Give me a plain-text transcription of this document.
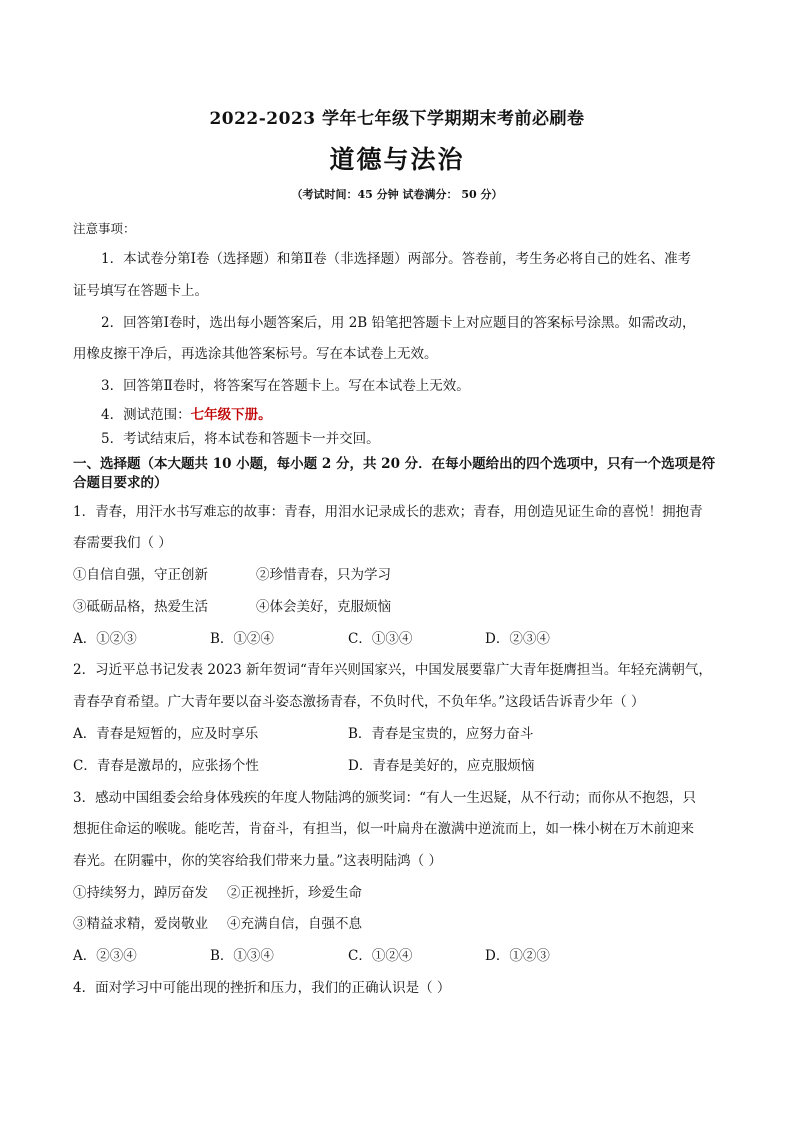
2022-2023 学年七年级下学期期末考前必刷卷
道德与法治
（考试时间：45 分钟 试卷满分： 50 分）
注意事项：
1．本试卷分第Ⅰ卷（选择题）和第Ⅱ卷（非选择题）两部分。答卷前，考生务必将自己的姓名、准考
证号填写在答题卡上。
2．回答第Ⅰ卷时，选出每小题答案后，用 2B 铅笔把答题卡上对应题目的答案标号涂黑。如需改动，
用橡皮擦干净后，再选涂其他答案标号。写在本试卷上无效。
3．回答第Ⅱ卷时，将答案写在答题卡上。写在本试卷上无效。
4．测试范围：七年级下册。
5．考试结束后，将本试卷和答题卡一并交回。
一、选择题（本大题共 10 小题，每小题 2 分，共 20 分．在每小题给出的四个选项中，只有一个选项是符
合题目要求的）
1．青春，用汗水书写难忘的故事：青春，用泪水记录成长的悲欢；青春，用创造见证生命的喜悦！拥抱青
春需要我们（ ）
①自信自强，守正创新	②珍惜青春，只为学习
③砥砺品格，热爱生活	④体会美好，克服烦恼
A．①②③	B．①②④	C．①③④	D．②③④
2．习近平总书记发表 2023 新年贺词“青年兴则国家兴，中国发展要靠广大青年挺膺担当。年轻充满朝气，
青春孕育希望。广大青年要以奋斗姿态激扬青春，不负时代，不负年华。”这段话告诉青少年（ ）
A．青春是短暂的，应及时享乐	B．青春是宝贵的，应努力奋斗
C．青春是激昂的，应张扬个性	D．青春是美好的，应克服烦恼
3．感动中国组委会给身体残疾的年度人物陆鸿的颁奖词：“有人一生迟疑，从不行动；而你从不抱怨，只
想扼住命运的喉咙。能吃苦，肯奋斗，有担当，似一叶扁舟在激满中逆流而上，如一株小树在万木前迎来
春光。在阴霾中，你的笑容给我们带来力量。”这表明陆鸿（ ）
①持续努力，踔厉奋发 ②正视挫折，珍爱生命
③精益求精，爱岗敬业 ④充满自信，自强不息
A．②③④	B．①③④	C．①②④	D．①②③
4．面对学习中可能出现的挫折和压力，我们的正确认识是（ ）
